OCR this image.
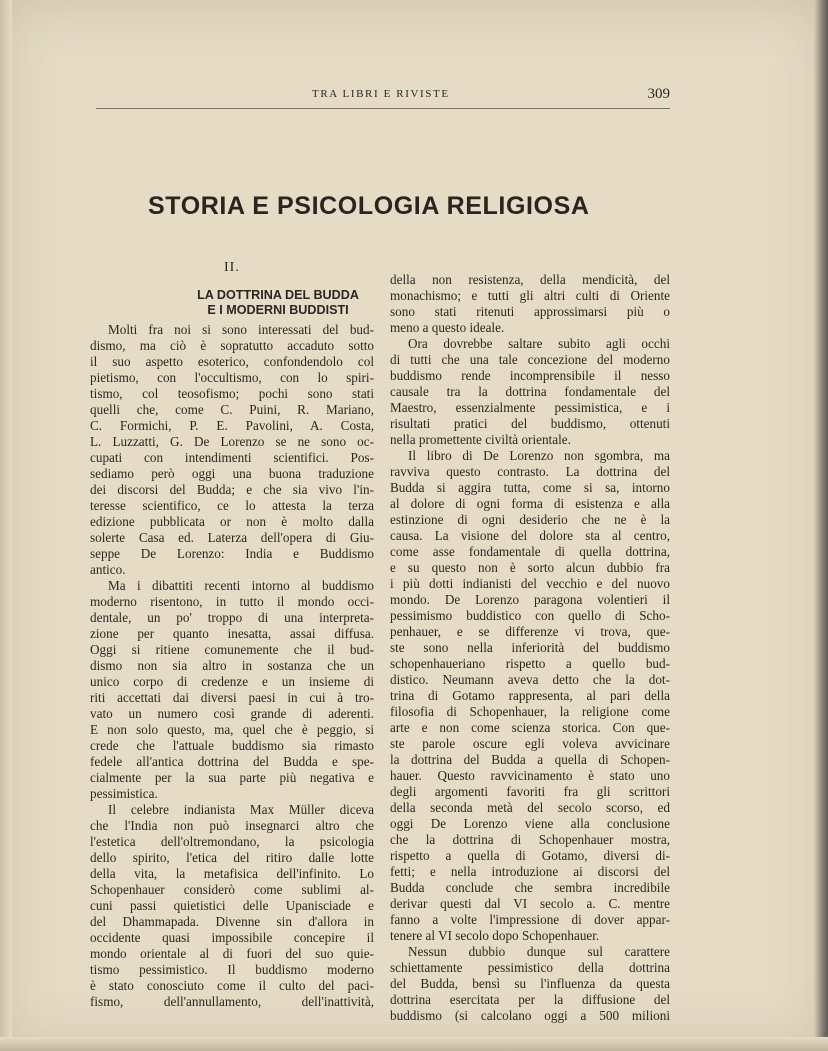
TRA LIBRI E RIVISTE	309
STORIA E PSICOLOGIA RELIGIOSA
II.
LA DOTTRINA DEL BUDDA
E I MODERNI BUDDISTI
Molti fra noi si sono interessati del bud-
dismo, ma ciò è sopratutto accaduto sotto
il suo aspetto esoterico, confondendolo col
pietismo, con l'occultismo, con lo spiri-
tismo, col teosofismo; pochi sono stati
quelli che, come C. Puini, R. Mariano,
C. Formichi, P. E. Pavolini, A. Costa,
L. Luzzatti, G. De Lorenzo se ne sono oc-
cupati con intendimenti scientifici. Pos-
sediamo però oggi una buona traduzione
dei discorsi del Budda; e che sia vivo l'in-
teresse scientifico, ce lo attesta la terza
edizione pubblicata or non è molto dalla
solerte Casa ed. Laterza dell'opera di Giu-
seppe De Lorenzo: India e Buddismo
antico.
Ma i dibattiti recenti intorno al buddismo
moderno risentono, in tutto il mondo occi-
dentale, un po' troppo di una interpreta-
zione per quanto inesatta, assai diffusa.
Oggi si ritiene comunemente che il bud-
dismo non sia altro in sostanza che un
unico corpo di credenze e un insieme di
riti accettati dai diversi paesi in cui à tro-
vato un numero così grande di aderenti.
E non solo questo, ma, quel che è peggio, si
crede che l'attuale buddismo sia rimasto
fedele all'antica dottrina del Budda e spe-
cialmente per la sua parte più negativa e
pessimistica.
Il celebre indianista Max Müller diceva
che l'India non può insegnarci altro che
l'estetica dell'oltremondano, la psicologia
dello spirito, l'etica del ritiro dalle lotte
della vita, la metafisica dell'infinito. Lo
Schopenhauer considerò come sublimi al-
cuni passi quietistici delle Upanisciade e
del Dhammapada. Divenne sin d'allora in
occidente quasi impossibile concepire il
mondo orientale al di fuori del suo quie-
tismo pessimistico. Il buddismo moderno
è stato conosciuto come il culto del paci-
fismo, dell'annullamento, dell'inattività,
della non resistenza, della mendicità, del
monachismo; e tutti gli altri culti di Oriente
sono stati ritenuti approssimarsi più o
meno a questo ideale.
Ora dovrebbe saltare subito agli occhi
di tutti che una tale concezione del moderno
buddismo rende incomprensibile il nesso
causale tra la dottrina fondamentale del
Maestro, essenzialmente pessimistica, e i
risultati pratici del buddismo, ottenuti
nella promettente civiltà orientale.
Il libro di De Lorenzo non sgombra, ma
ravviva questo contrasto. La dottrina del
Budda si aggira tutta, come si sa, intorno
al dolore di ogni forma di esistenza e alla
estinzione di ogni desiderio che ne è la
causa. La visione del dolore sta al centro,
come asse fondamentale di quella dottrina,
e su questo non è sorto alcun dubbio fra
i più dotti indianisti del vecchio e del nuovo
mondo. De Lorenzo paragona volentieri il
pessimismo buddistico con quello di Scho-
penhauer, e se differenze vi trova, que-
ste sono nella inferiorità del buddismo
schopenhaueriano rispetto a quello bud-
distico. Neumann aveva detto che la dot-
trina di Gotamo rappresenta, al pari della
filosofia di Schopenhauer, la religione come
arte e non come scienza storica. Con que-
ste parole oscure egli voleva avvicinare
la dottrina del Budda a quella di Schopen-
hauer. Questo ravvicinamento è stato uno
degli argomenti favoriti fra gli scrittori
della seconda metà del secolo scorso, ed
oggi De Lorenzo viene alla conclusione
che la dottrina di Schopenhauer mostra,
rispetto a quella di Gotamo, diversi di-
fetti; e nella introduzione ai discorsi del
Budda conclude che sembra incredibile
derivar questi dal VI secolo a. C. mentre
fanno a volte l'impressione di dover appar-
tenere al VI secolo dopo Schopenhauer.
Nessun dubbio dunque sul carattere
schiettamente pessimistico della dottrina
del Budda, bensì su l'influenza da questa
dottrina esercitata per la diffusione del
buddismo (si calcolano oggi a 500 milioni
